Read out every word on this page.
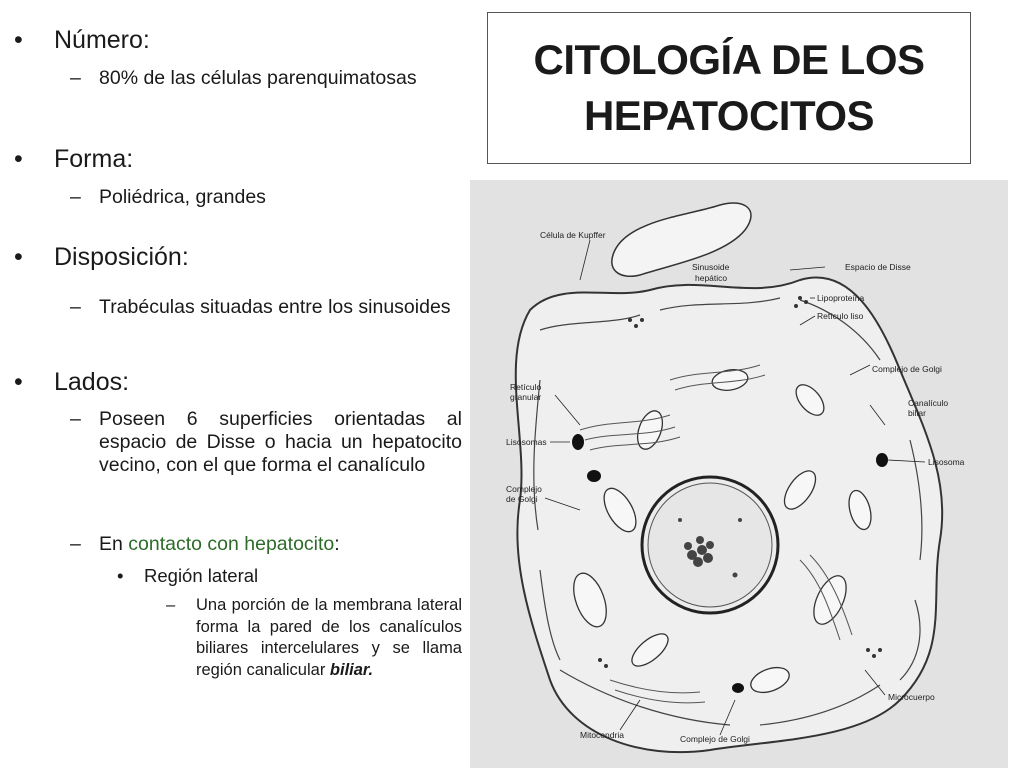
• Número:
– 80% de las células parenquimatosas
• Forma:
– Poliédrica, grandes
• Disposición:
– Trabéculas situadas entre los sinusoides
• Lados:
– Poseen 6 superficies orientadas al espacio de Disse o hacia un hepatocito vecino, con el que forma el canalículo
– En contacto con hepatocito:
• Región lateral
– Una porción de la membrana lateral forma la pared de los canalículos biliares intercelulares y se llama región canalicular biliar.
CITOLOGÍA DE LOS HEPATOCITOS
Célula de Kupffer
Sinusoide
hepático
Espacio de Disse
Lipoproteína
Retículo liso
Complejo de Golgi
Retículo
granular
Canalículo
biliar
Lisosomas
Lisosoma
Complejo
de Golgi
Microcuerpo
Mitocondria	Complejo de Golgi
